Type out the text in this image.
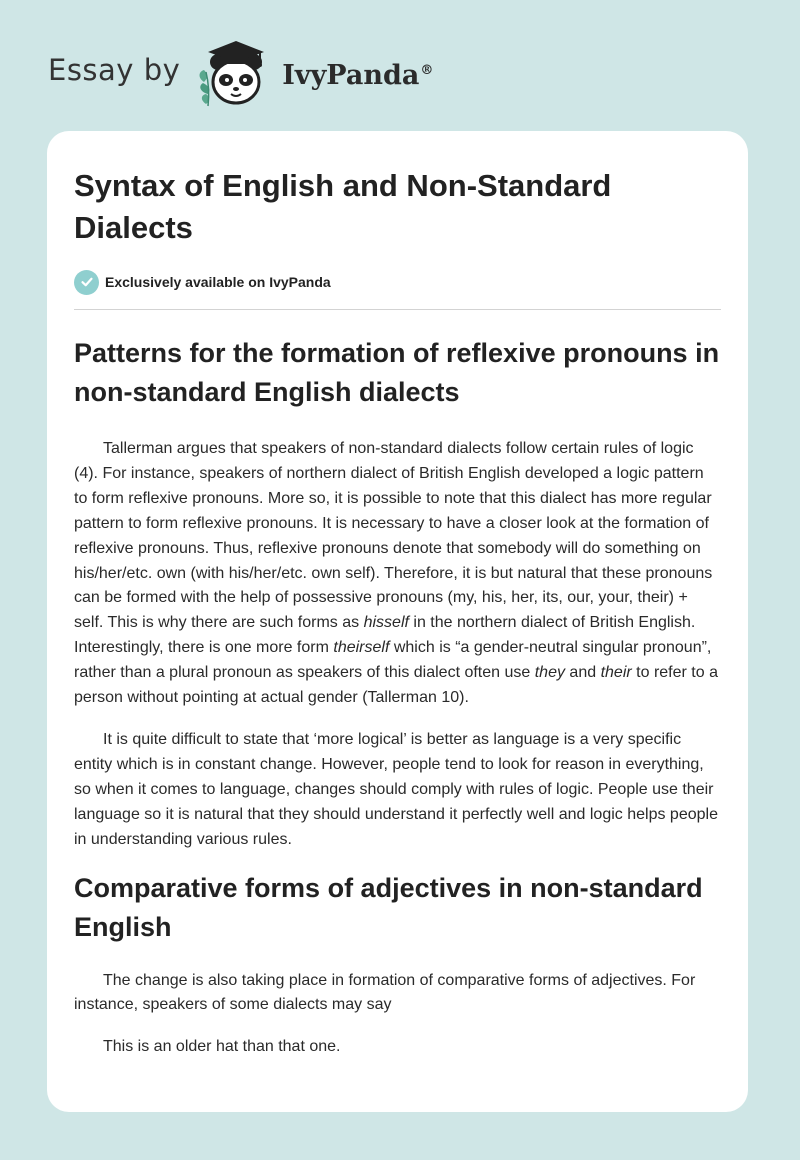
Essay by	IvyPanda®
Syntax of English and Non-Standard Dialects
Exclusively available on IvyPanda
Patterns for the formation of reflexive pronouns in non-standard English dialects

Tallerman argues that speakers of non-standard dialects follow certain rules of logic (4). For instance, speakers of northern dialect of British English developed a logic pattern to form reflexive pronouns. More so, it is possible to note that this dialect has more regular pattern to form reflexive pronouns. It is necessary to have a closer look at the formation of reflexive pronouns. Thus, reflexive pronouns denote that somebody will do something on his/her/etc. own (with his/her/etc. own self). Therefore, it is but natural that these pronouns can be formed with the help of possessive pronouns (my, his, her, its, our, your, their) + self. This is why there are such forms as hisself in the northern dialect of British English. Interestingly, there is one more form theirself which is “a gender-neutral singular pronoun”, rather than a plural pronoun as speakers of this dialect often use they and their to refer to a person without pointing at actual gender (Tallerman 10).

It is quite difficult to state that ‘more logical’ is better as language is a very specific entity which is in constant change. However, people tend to look for reason in everything, so when it comes to language, changes should comply with rules of logic. People use their language so it is natural that they should understand it perfectly well and logic helps people in understanding various rules.

Comparative forms of adjectives in non-standard English

The change is also taking place in formation of comparative forms of adjectives. For instance, speakers of some dialects may say

This is an older hat than that one.
